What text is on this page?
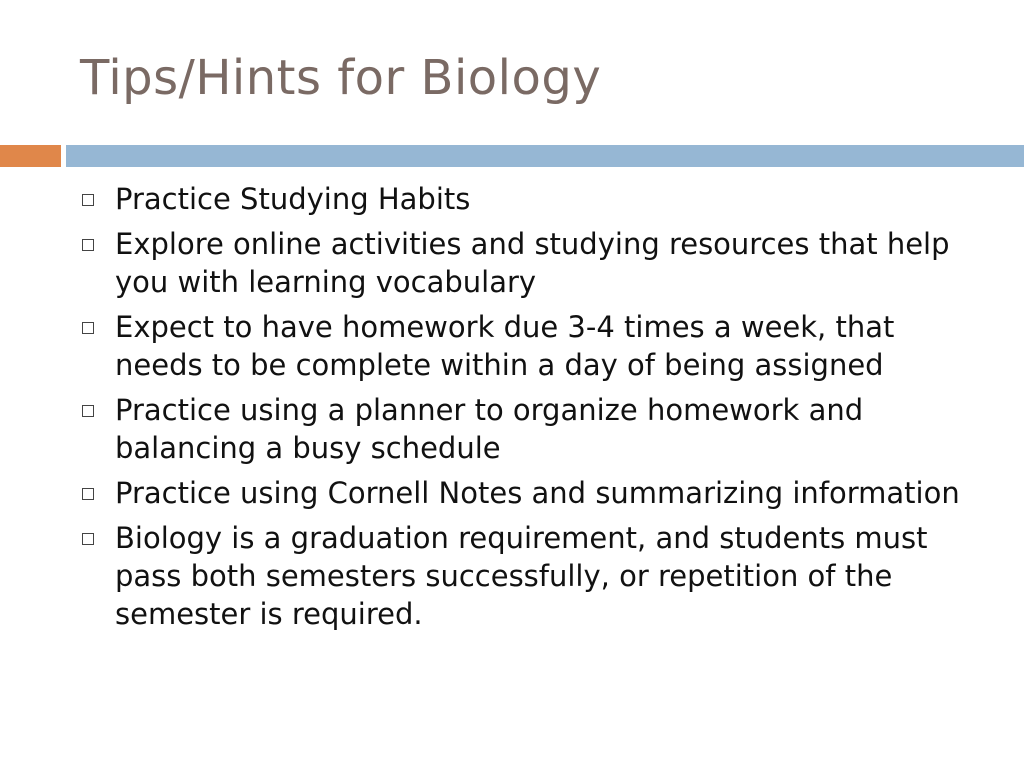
Tips/Hints for Biology
Practice Studying Habits
Explore online activities and studying resources that help  you with learning vocabulary
Expect to have homework due 3-4 times a week, that needs to be complete within a day of being assigned
Practice using a planner to organize homework and balancing a busy schedule
Practice using Cornell Notes and summarizing information
Biology is a graduation requirement, and students must pass both semesters successfully, or repetition of the semester is required.
